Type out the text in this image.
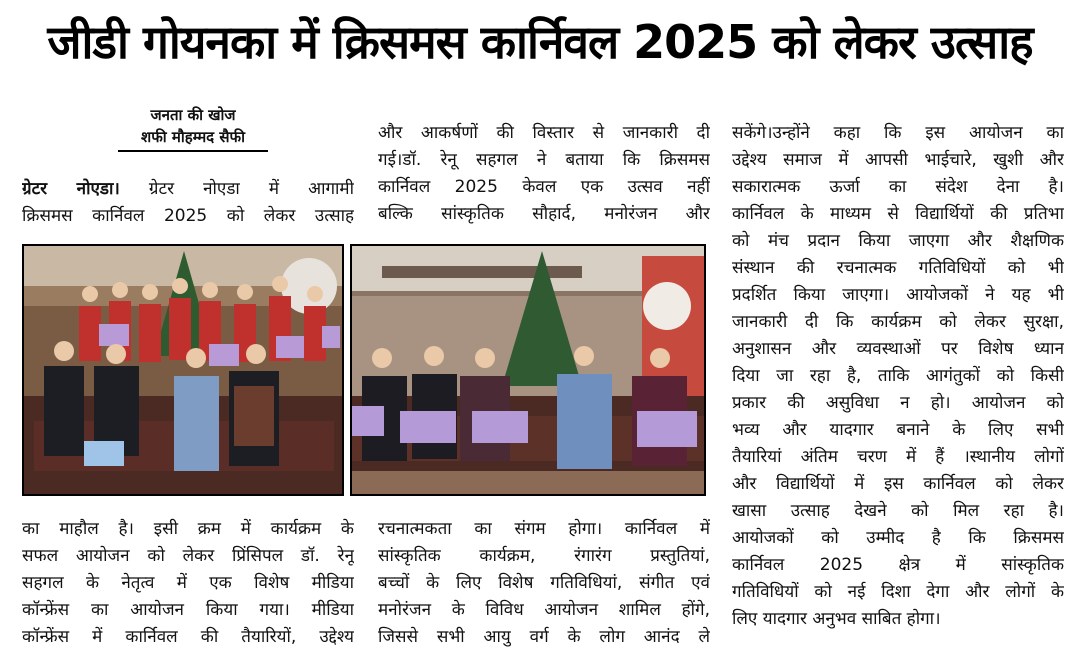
जीडी गोयनका में क्रिसमस कार्निवल 2025 को लेकर उत्साह
जनता की खोज
शफी मौहम्मद सैफी
ग्रेटर नोएडा। ग्रेटर नोएडा में आगामी
क्रिसमस कार्निवल 2025 को लेकर उत्साह
और आकर्षणों की विस्तार से जानकारी दी
गई।डॉ. रेनू सहगल ने बताया कि क्रिसमस
कार्निवल 2025 केवल एक उत्सव नहीं
बल्कि सांस्कृतिक सौहार्द, मनोरंजन और
सकेंगे।उन्होंने कहा कि इस आयोजन का
उद्देश्य समाज में आपसी भाईचारे, खुशी और
सकारात्मक ऊर्जा का संदेश देना है।
कार्निवल के माध्यम से विद्यार्थियों की प्रतिभा
को मंच प्रदान किया जाएगा और शैक्षणिक
संस्थान की रचनात्मक गतिविधियों को भी
प्रदर्शित किया जाएगा। आयोजकों ने यह भी
जानकारी दी कि कार्यक्रम को लेकर सुरक्षा,
अनुशासन और व्यवस्थाओं पर विशेष ध्यान
दिया जा रहा है, ताकि आगंतुकों को किसी
प्रकार की असुविधा न हो। आयोजन को
भव्य और यादगार बनाने के लिए सभी
तैयारियां अंतिम चरण में हैं ।स्थानीय लोगों
और विद्यार्थियों में इस कार्निवल को लेकर
खासा उत्साह देखने को मिल रहा है।
आयोजकों को उम्मीद है कि क्रिसमस
कार्निवल 2025 क्षेत्र में सांस्कृतिक
गतिविधियों को नई दिशा देगा और लोगों के
लिए यादगार अनुभव साबित होगा।
का माहौल है। इसी क्रम में कार्यक्रम के
सफल आयोजन को लेकर प्रिंसिपल डॉ. रेनू
सहगल के नेतृत्व में एक विशेष मीडिया
कॉन्फ्रेंस का आयोजन किया गया। मीडिया
कॉन्फ्रेंस में कार्निवल की तैयारियों, उद्देश्य
रचनात्मकता का संगम होगा। कार्निवल में
सांस्कृतिक कार्यक्रम, रंगारंग प्रस्तुतियां,
बच्चों के लिए विशेष गतिविधियां, संगीत एवं
मनोरंजन के विविध आयोजन शामिल होंगे,
जिससे सभी आयु वर्ग के लोग आनंद ले
